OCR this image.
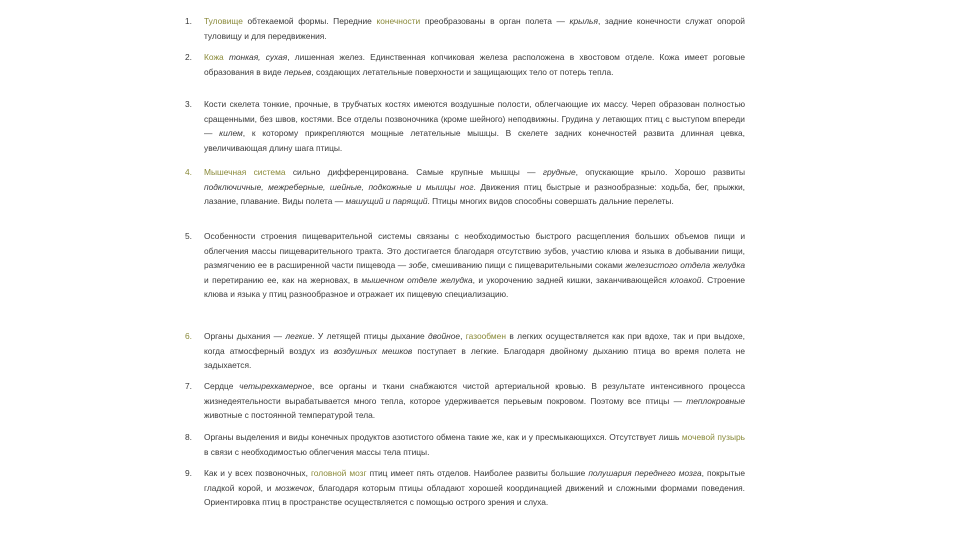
1.	Туловище обтекаемой формы. Передние конечности преобразованы в орган полета — крылья, задние конечности служат опорой туловищу и для передвижения.
2.	Кожа тонкая, сухая, лишенная желез. Единственная копчиковая железа расположена в хвостовом отделе. Кожа имеет роговые образования в виде перьев, создающих летательные поверхности и защищающих тело от потерь тепла.
3.	Кости скелета тонкие, прочные, в трубчатых костях имеются воздушные полости, облегчающие их массу. Череп образован полностью сращенными, без швов, костями. Все отделы позвоночника (кроме шейного) неподвижны. Грудина у летающих птиц с выступом впереди — килем, к которому прикрепляются мощные летательные мышцы. В скелете задних конечностей развита длинная цевка, увеличивающая длину шага птицы.
4.	Мышечная система сильно дифференцирована. Самые крупные мышцы — грудные, опускающие крыло. Хорошо развиты подключичные, межреберные, шейные, подкожные и мышцы ног. Движения птиц быстрые и разнообразные: ходьба, бег, прыжки, лазание, плавание. Виды полета — машущий и парящий. Птицы многих видов способны совершать дальние перелеты.
5.	Особенности строения пищеварительной системы связаны с необходимостью быстрого расщепления больших объемов пищи и облегчения массы пищеварительного тракта. Это достигается благодаря отсутствию зубов, участию клюва и языка в добывании пищи, размягчению ее в расширенной части пищевода — зобе, смешиванию пищи с пищеварительными соками железистого отдела желудка и перетиранию ее, как на жерновах, в мышечном отделе желудка, и укорочению задней кишки, заканчивающейся клоакой. Строение клюва и языка у птиц разнообразное и отражает их пищевую специализацию.
6.	Органы дыхания — легкие. У летящей птицы дыхание двойное, газообмен в легких осуществляется как при вдохе, так и при выдохе, когда атмосферный воздух из воздушных мешков поступает в легкие. Благодаря двойному дыханию птица во время полета не задыхается.
7.	Сердце четырехкамерное, все органы и ткани снабжаются чистой артериальной кровью. В результате интенсивного процесса жизнедеятельности вырабатывается много тепла, которое удерживается перьевым покровом. Поэтому все птицы — теплокровные животные с постоянной температурой тела.
8.	Органы выделения и виды конечных продуктов азотистого обмена такие же, как и у пресмыкающихся. Отсутствует лишь мочевой пузырь в связи с необходимостью облегчения массы тела птицы.
9.	Как и у всех позвоночных, головной мозг птиц имеет пять отделов. Наиболее развиты большие полушария переднего мозга, покрытые гладкой корой, и мозжечок, благодаря которым птицы обладают хорошей координацией движений и сложными формами поведения. Ориентировка птиц в пространстве осуществляется с помощью острого зрения и слуха.
